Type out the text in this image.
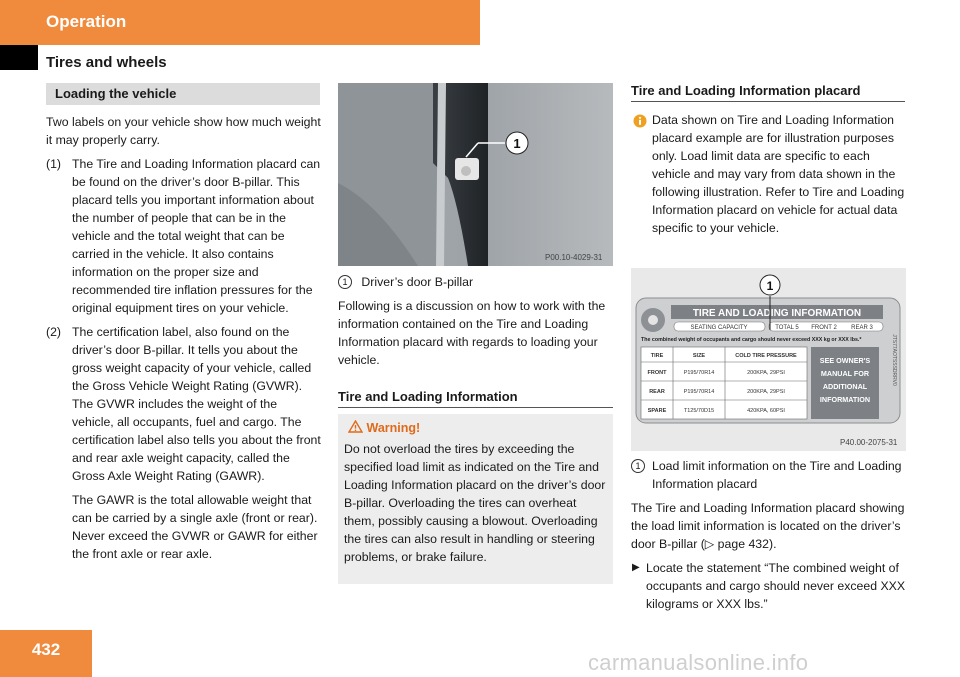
Operation
Tires and wheels
Loading the vehicle
Two labels on your vehicle show how much weight it may properly carry.
(1) The Tire and Loading Information placard can be found on the driver’s door B-pillar. This placard tells you important information about the number of people that can be in the vehicle and the total weight that can be carried in the vehicle. It also contains information on the proper size and recommended tire inflation pressures for the original equipment tires on your vehicle.
(2) The certification label, also found on the driver’s door B-pillar. It tells you about the gross weight capacity of your vehicle, called the Gross Vehicle Weight Rating (GVWR). The GVWR includes the weight of the vehicle, all occupants, fuel and cargo. The certification label also tells you about the front and rear axle weight capacity, called the Gross Axle Weight Rating (GAWR).
The GAWR is the total allowable weight that can be carried by a single axle (front or rear). Never exceed the GVWR or GAWR for either the front axle or rear axle.
1
P00.10-4029-31
1 Driver’s door B-pillar
Following is a discussion on how to work with the information contained on the Tire and Loading Information placard with regards to loading your vehicle.
Tire and Loading Information
Warning!
Do not overload the tires by exceeding the specified load limit as indicated on the Tire and Loading Information placard on the driver’s door B-pillar. Overloading the tires can overheat them, possibly causing a blowout. Overloading the tires can also result in handling or steering problems, or brake failure.
Tire and Loading Information placard
Data shown on Tire and Loading Information placard example are for illustration purposes only. Load limit data are specific to each vehicle and may vary from data shown in the following illustration. Refer to Tire and Loading Information placard on vehicle for actual data specific to your vehicle.
TIRE AND LOADING INFORMATION
SEATING CAPACITY	TOTAL 5 FRONT 2 REAR 3
The combined weight of occupants and cargo should never exceed XXX kg or XXX lbs.*
TIRE	SIZE	COLD TIRE PRESSURE
FRONT	P195/70R14	200KPA, 29PSI
REAR	P195/70R14	200KPA, 29PSI
SPARE	T125/70D15	420KPA, 60PSI
SEE OWNER'S
MANUAL FOR
ADDITIONAL
INFORMATION
JTS77AOTSSSDRRV0
1
P40.00-2075-31
1 Load limit information on the Tire and Loading Information placard
The Tire and Loading Information placard showing the load limit information is located on the driver’s door B-pillar (▷ page 432).
▶ Locate the statement “The combined weight of occupants and cargo should never exceed XXX kilograms or XXX lbs.”
432
carmanualsonline.info
